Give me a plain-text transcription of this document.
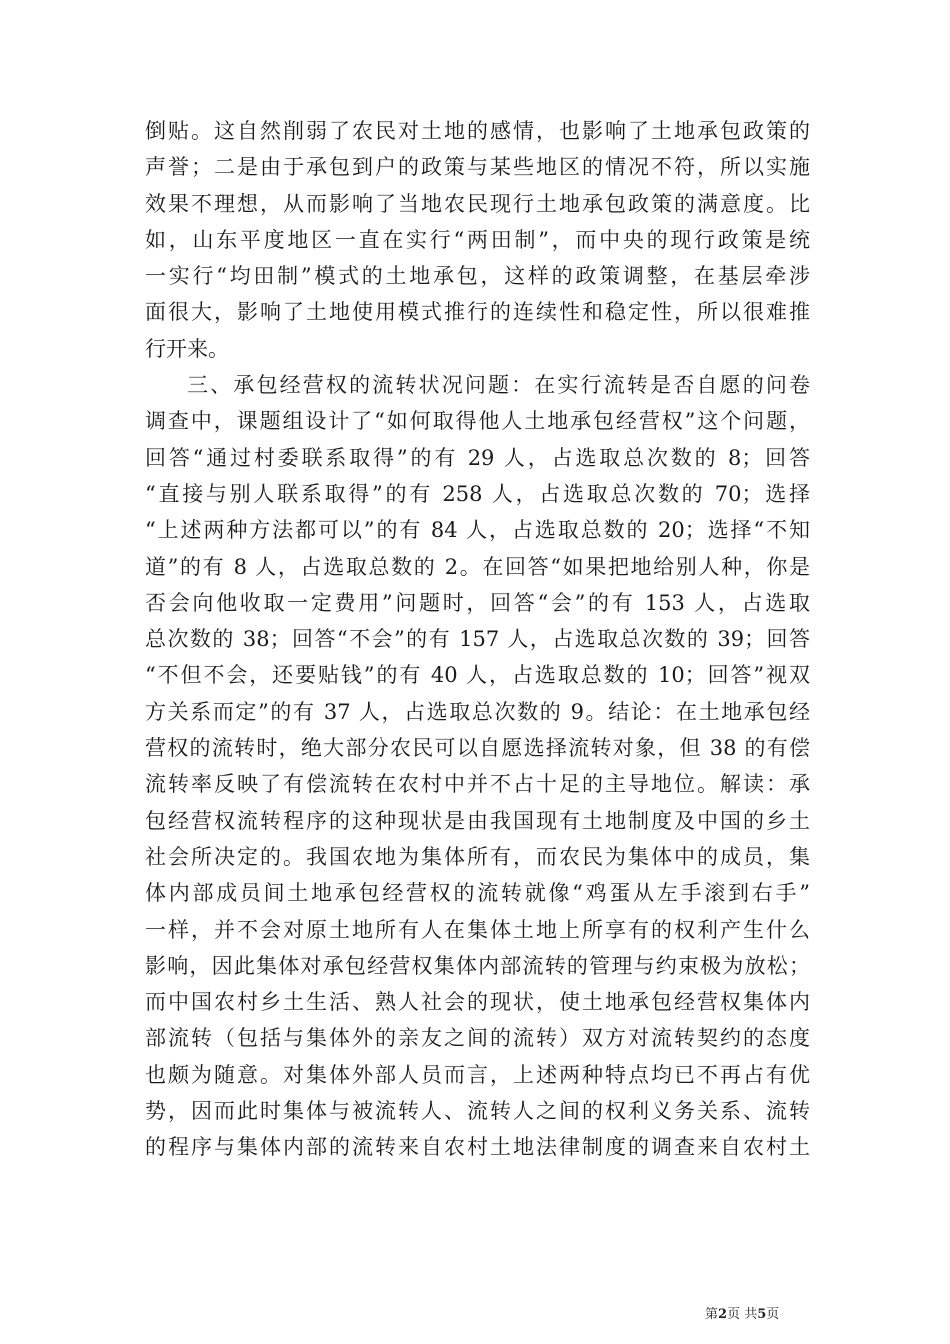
倒贴。这自然削弱了农民对土地的感情，也影响了土地承包政策的
声誉；二是由于承包到户的政策与某些地区的情况不符，所以实施
效果不理想，从而影响了当地农民现行土地承包政策的满意度。比
如，山东平度地区一直在实行“两田制”，而中央的现行政策是统
一实行“均田制”模式的土地承包，这样的政策调整，在基层牵涉
面很大，影响了土地使用模式推行的连续性和稳定性，所以很难推
行开来。
三、承包经营权的流转状况问题：在实行流转是否自愿的问卷
调查中，课题组设计了“如何取得他人土地承包经营权”这个问题，
回答“通过村委联系取得”的有 29 人，占选取总次数的 8；回答
“直接与别人联系取得”的有 258 人，占选取总次数的 70；选择
“上述两种方法都可以”的有 84 人，占选取总数的 20；选择“不知
道”的有 8 人，占选取总数的 2。在回答“如果把地给别人种，你是
否会向他收取一定费用”问题时，回答“会”的有 153 人，占选取
总次数的 38；回答“不会”的有 157 人，占选取总次数的 39；回答
“不但不会，还要贴钱”的有 40 人，占选取总数的 10；回答”视双
方关系而定”的有 37 人，占选取总次数的 9。结论：在土地承包经
营权的流转时，绝大部分农民可以自愿选择流转对象，但 38 的有偿
流转率反映了有偿流转在农村中并不占十足的主导地位。解读：承
包经营权流转程序的这种现状是由我国现有土地制度及中国的乡土
社会所决定的。我国农地为集体所有，而农民为集体中的成员，集
体内部成员间土地承包经营权的流转就像“鸡蛋从左手滚到右手”
一样，并不会对原土地所有人在集体土地上所享有的权利产生什么
影响，因此集体对承包经营权集体内部流转的管理与约束极为放松；
而中国农村乡土生活、熟人社会的现状，使土地承包经营权集体内
部流转（包括与集体外的亲友之间的流转）双方对流转契约的态度
也颇为随意。对集体外部人员而言，上述两种特点均已不再占有优
势，因而此时集体与被流转人、流转人之间的权利义务关系、流转
的程序与集体内部的流转来自农村土地法律制度的调查来自农村土
第2页 共5页
